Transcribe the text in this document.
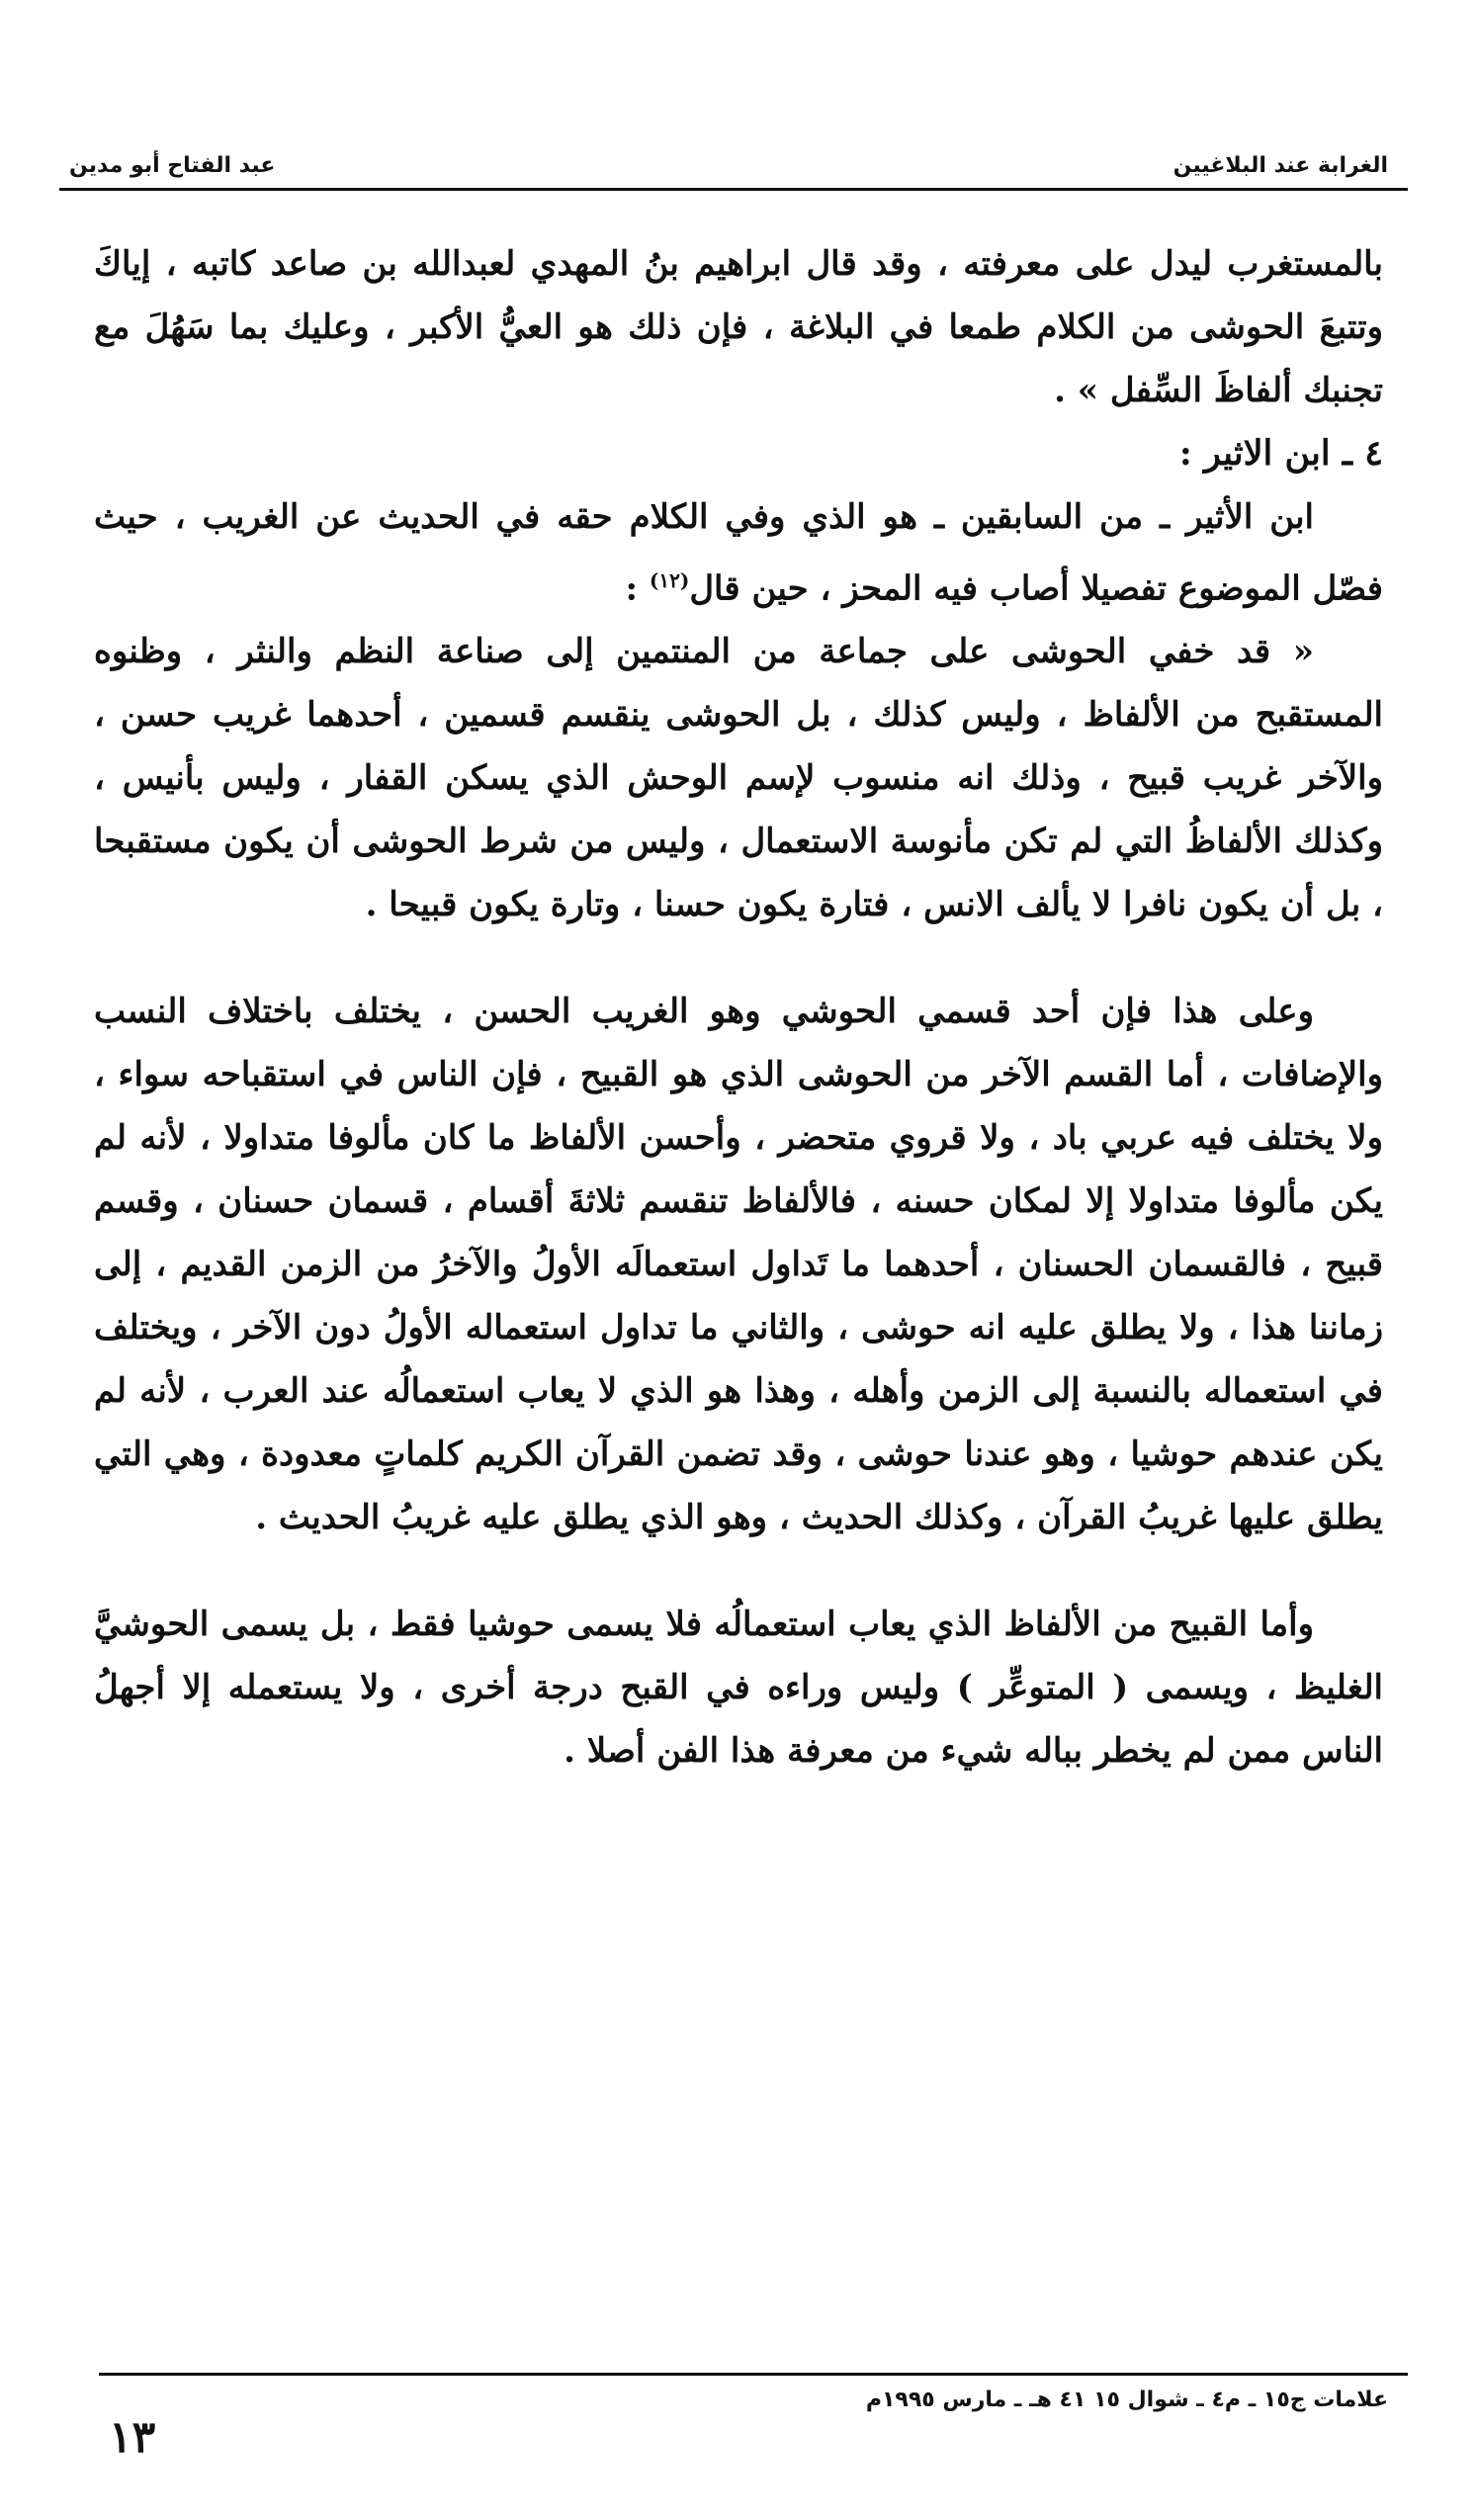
الغرابة عند البلاغيين
عبد الفتاح أبو مدين

بالمستغرب ليدل على معرفته ، وقد قال ابراهيم بنُ المهدي لعبدالله بن صاعد كاتبه ، إياكَ وتتبعَ الحوشى من الكلام طمعا في البلاغة ، فإن ذلك هو العيُّ الأكبر ، وعليك بما سَهُلَ مع تجنبك ألفاظَ السِّفل » .

٤ ـ ابن الاثير :

ابن الأثير ـ من السابقين ـ هو الذي وفي الكلام حقه في الحديث عن الغريب ، حيث فصّل الموضوع تفصيلا أصاب فيه المحز ، حين قال$^{(١٢)}$ :

« قد خفي الحوشى على جماعة من المنتمين إلى صناعة النظم والنثر ، وظنوه المستقبح من الألفاظ ، وليس كذلك ، بل الحوشى ينقسم قسمين ، أحدهما غريب حسن ، والآخر غريب قبيح ، وذلك انه منسوب لإسم الوحش الذي يسكن القفار ، وليس بأنيس ، وكذلك الألفاظُ التي لم تكن مأنوسة الاستعمال ، وليس من شرط الحوشى أن يكون مستقبحا ، بل أن يكون نافرا لا يألف الانس ، فتارة يكون حسنا ، وتارة يكون قبيحا .

وعلى هذا فإن أحد قسمي الحوشي وهو الغريب الحسن ، يختلف باختلاف النسب والإضافات ، أما القسم الآخر من الحوشى الذي هو القبيح ، فإن الناس في استقباحه سواء ، ولا يختلف فيه عربي باد ، ولا قروي متحضر ، وأحسن الألفاظ ما كان مألوفا متداولا ، لأنه لم يكن مألوفا متداولا إلا لمكان حسنه ، فالألفاظ تنقسم ثلاثةَ أقسام ، قسمان حسنان ، وقسم قبيح ، فالقسمان الحسنان ، أحدهما ما تَداول استعمالَه الأولُ والآخرُ من الزمن القديم ، إلى زماننا هذا ، ولا يطلق عليه انه حوشى ، والثاني ما تداول استعماله الأولُ دون الآخر ، ويختلف في استعماله بالنسبة إلى الزمن وأهله ، وهذا هو الذي لا يعاب استعمالُه عند العرب ، لأنه لم يكن عندهم حوشيا ، وهو عندنا حوشى ، وقد تضمن القرآن الكريم كلماتٍ معدودة ، وهي التي يطلق عليها غريبُ القرآن ، وكذلك الحديث ، وهو الذي يطلق عليه غريبُ الحديث .

وأما القبيح من الألفاظ الذي يعاب استعمالُه فلا يسمى حوشيا فقط ، بل يسمى الحوشيَّ الغليظ ، ويسمى ( المتوعِّر ) وليس وراءه في القبح درجة أخرى ، ولا يستعمله إلا أجهلُ الناس ممن لم يخطر بباله شيء من معرفة هذا الفن أصلا .

علامات ج١٥ ـ م٤ ـ شوال ١٥ ٤١ هـ ـ مارس ١٩٩٥م
١٣
